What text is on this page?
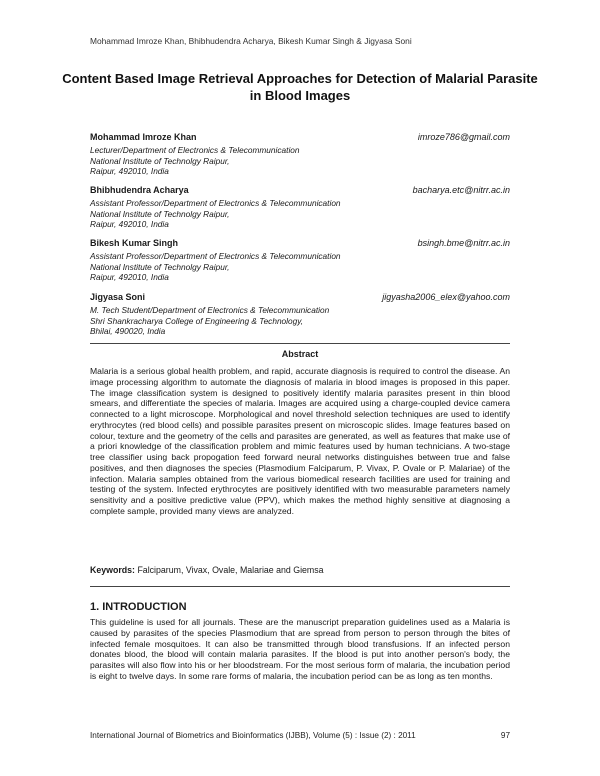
Mohammad Imroze Khan, Bhibhudendra Acharya, Bikesh Kumar Singh & Jigyasa Soni
Content Based Image Retrieval Approaches for Detection of Malarial Parasite in Blood Images
Mohammad Imroze Khan	imroze786@gmail.com
Lecturer/Department of Electronics & Telecommunication
National Institute of Technolgy Raipur,
Raipur, 492010, India
Bhibhudendra Acharya	bacharya.etc@nitrr.ac.in
Assistant Professor/Department of Electronics & Telecommunication
National Institute of Technolgy Raipur,
Raipur, 492010, India
Bikesh Kumar Singh	bsingh.bme@nitrr.ac.in
Assistant Professor/Department of Electronics & Telecommunication
National Institute of Technolgy Raipur,
Raipur, 492010, India
Jigyasa Soni	jigyasha2006_elex@yahoo.com
M. Tech Student/Department of Electronics & Telecommunication
Shri Shankracharya College of Engineering & Technology,
Bhilai, 490020, India
Abstract
Malaria is a serious global health problem, and rapid, accurate diagnosis is required to control the disease. An image processing algorithm to automate the diagnosis of malaria in blood images is proposed in this paper. The image classification system is designed to positively identify malaria parasites present in thin blood smears, and differentiate the species of malaria. Images are acquired using a charge-coupled device camera connected to a light microscope. Morphological and novel threshold selection techniques are used to identify erythrocytes (red blood cells) and possible parasites present on microscopic slides. Image features based on colour, texture and the geometry of the cells and parasites are generated, as well as features that make use of a priori knowledge of the classification problem and mimic features used by human technicians. A two-stage tree classifier using back propogation feed forward neural networks distinguishes between true and false positives, and then diagnoses the species (Plasmodium Falciparum, P. Vivax, P. Ovale or P. Malariae) of the infection. Malaria samples obtained from the various biomedical research facilities are used for training and testing of the system. Infected erythrocytes are positively identified with two measurable parameters namely sensitivity and a positive predictive value (PPV), which makes the method highly sensitive at diagnosing a complete sample, provided many views are analyzed.
Keywords: Falciparum, Vivax, Ovale, Malariae and Giemsa
1. INTRODUCTION
This guideline is used for all journals. These are the manuscript preparation guidelines used as a Malaria is caused by parasites of the species Plasmodium that are spread from person to person through the bites of infected female mosquitoes. It can also be transmitted through blood transfusions. If an infected person donates blood, the blood will contain malaria parasites. If the blood is put into another person's body, the parasites will also flow into his or her bloodstream. For the most serious form of malaria, the incubation period is eight to twelve days. In some rare forms of malaria, the incubation period can be as long as ten months.
International Journal of Biometrics and Bioinformatics (IJBB), Volume (5) : Issue (2) : 2011	97
